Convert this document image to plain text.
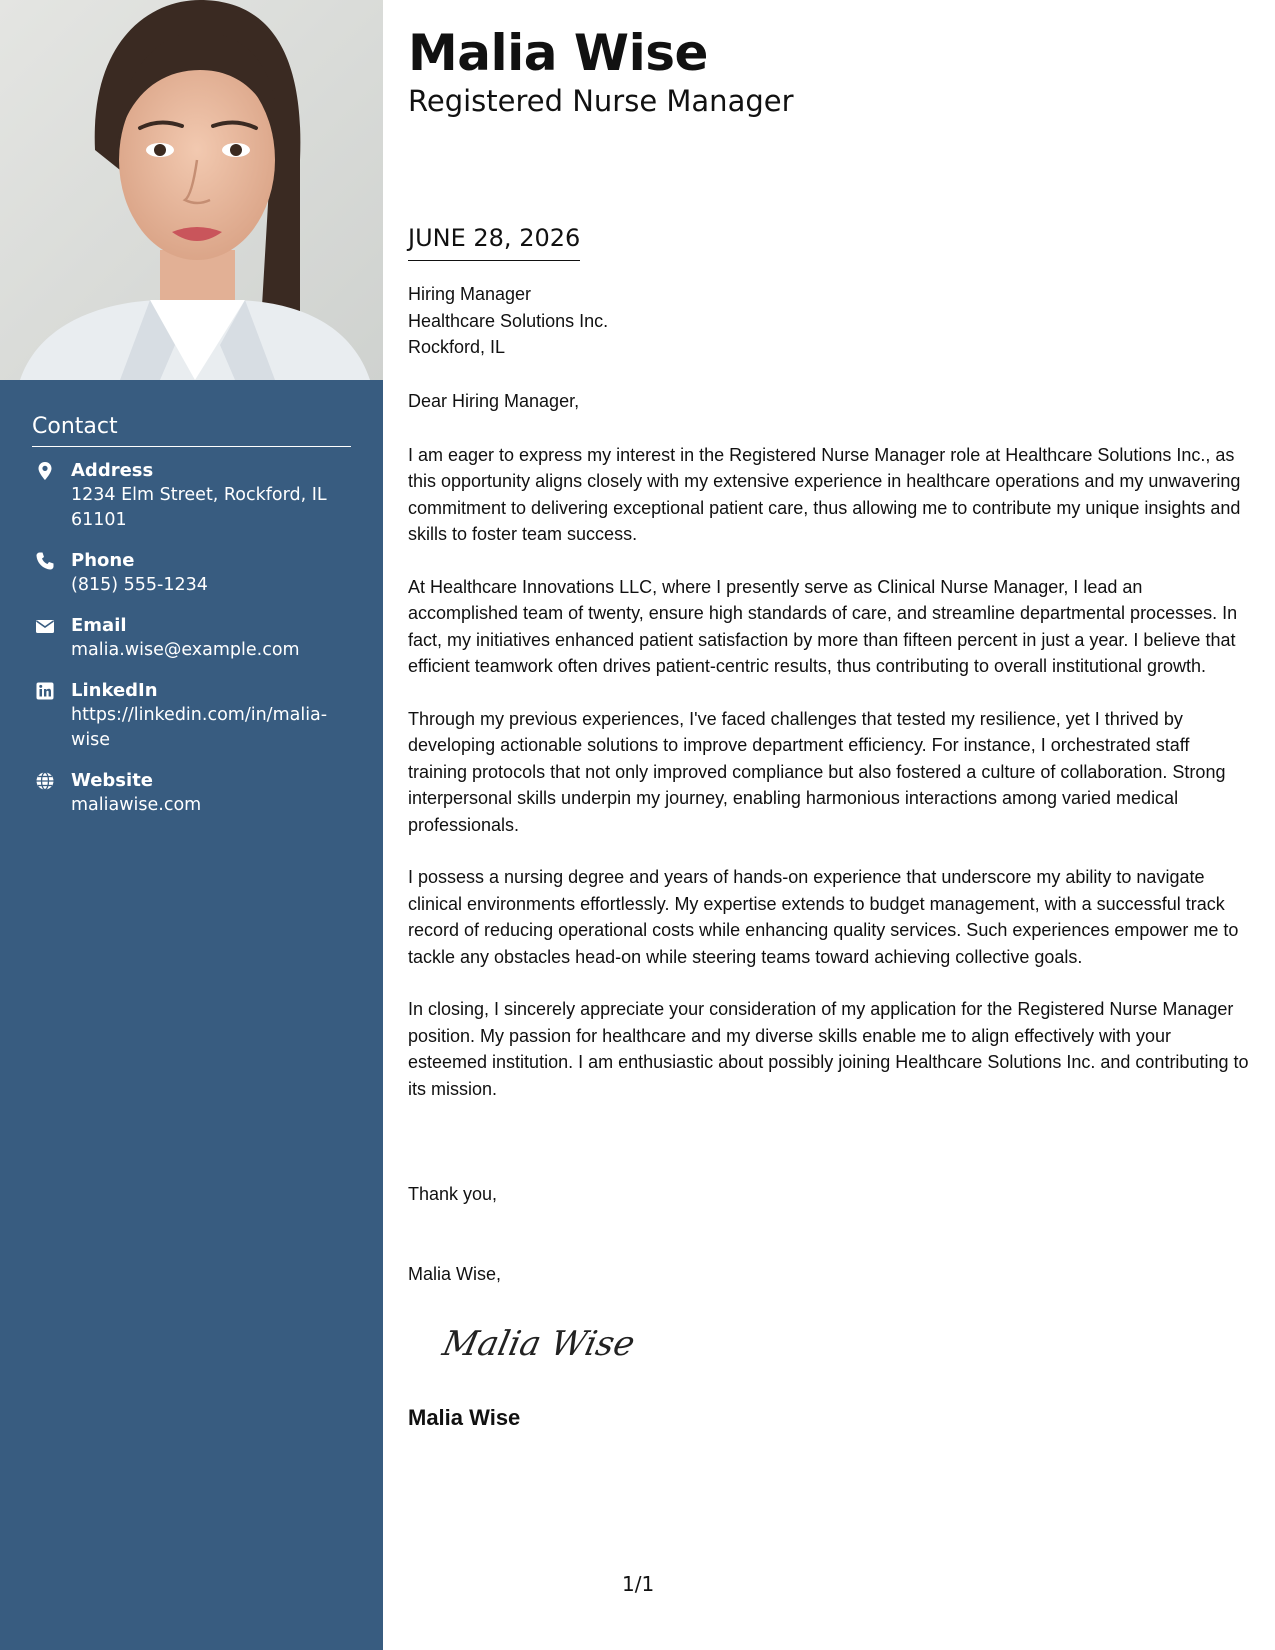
Contact
Address
1234 Elm Street, Rockford, IL 61101
Phone
(815) 555-1234
Email
malia.wise@example.com
LinkedIn
https://linkedin.com/in/malia-wise
Website
maliawise.com
Malia Wise
Registered Nurse Manager
JUNE 28, 2026
Hiring Manager
Healthcare Solutions Inc.
Rockford, IL

Dear Hiring Manager,

I am eager to express my interest in the Registered Nurse Manager role at Healthcare Solutions Inc., as this opportunity aligns closely with my extensive experience in healthcare operations and my unwavering commitment to delivering exceptional patient care, thus allowing me to contribute my unique insights and skills to foster team success.

At Healthcare Innovations LLC, where I presently serve as Clinical Nurse Manager, I lead an accomplished team of twenty, ensure high standards of care, and streamline departmental processes. In fact, my initiatives enhanced patient satisfaction by more than fifteen percent in just a year. I believe that efficient teamwork often drives patient-centric results, thus contributing to overall institutional growth.

Through my previous experiences, I've faced challenges that tested my resilience, yet I thrived by developing actionable solutions to improve department efficiency. For instance, I orchestrated staff training protocols that not only improved compliance but also fostered a culture of collaboration. Strong interpersonal skills underpin my journey, enabling harmonious interactions among varied medical professionals.

I possess a nursing degree and years of hands-on experience that underscore my ability to navigate clinical environments effortlessly. My expertise extends to budget management, with a successful track record of reducing operational costs while enhancing quality services. Such experiences empower me to tackle any obstacles head-on while steering teams toward achieving collective goals.

In closing, I sincerely appreciate your consideration of my application for the Registered Nurse Manager position. My passion for healthcare and my diverse skills enable me to align effectively with your esteemed institution. I am enthusiastic about possibly joining Healthcare Solutions Inc. and contributing to its mission.

Thank you,
Malia Wise,
Malia Wise
Malia Wise
1/1
